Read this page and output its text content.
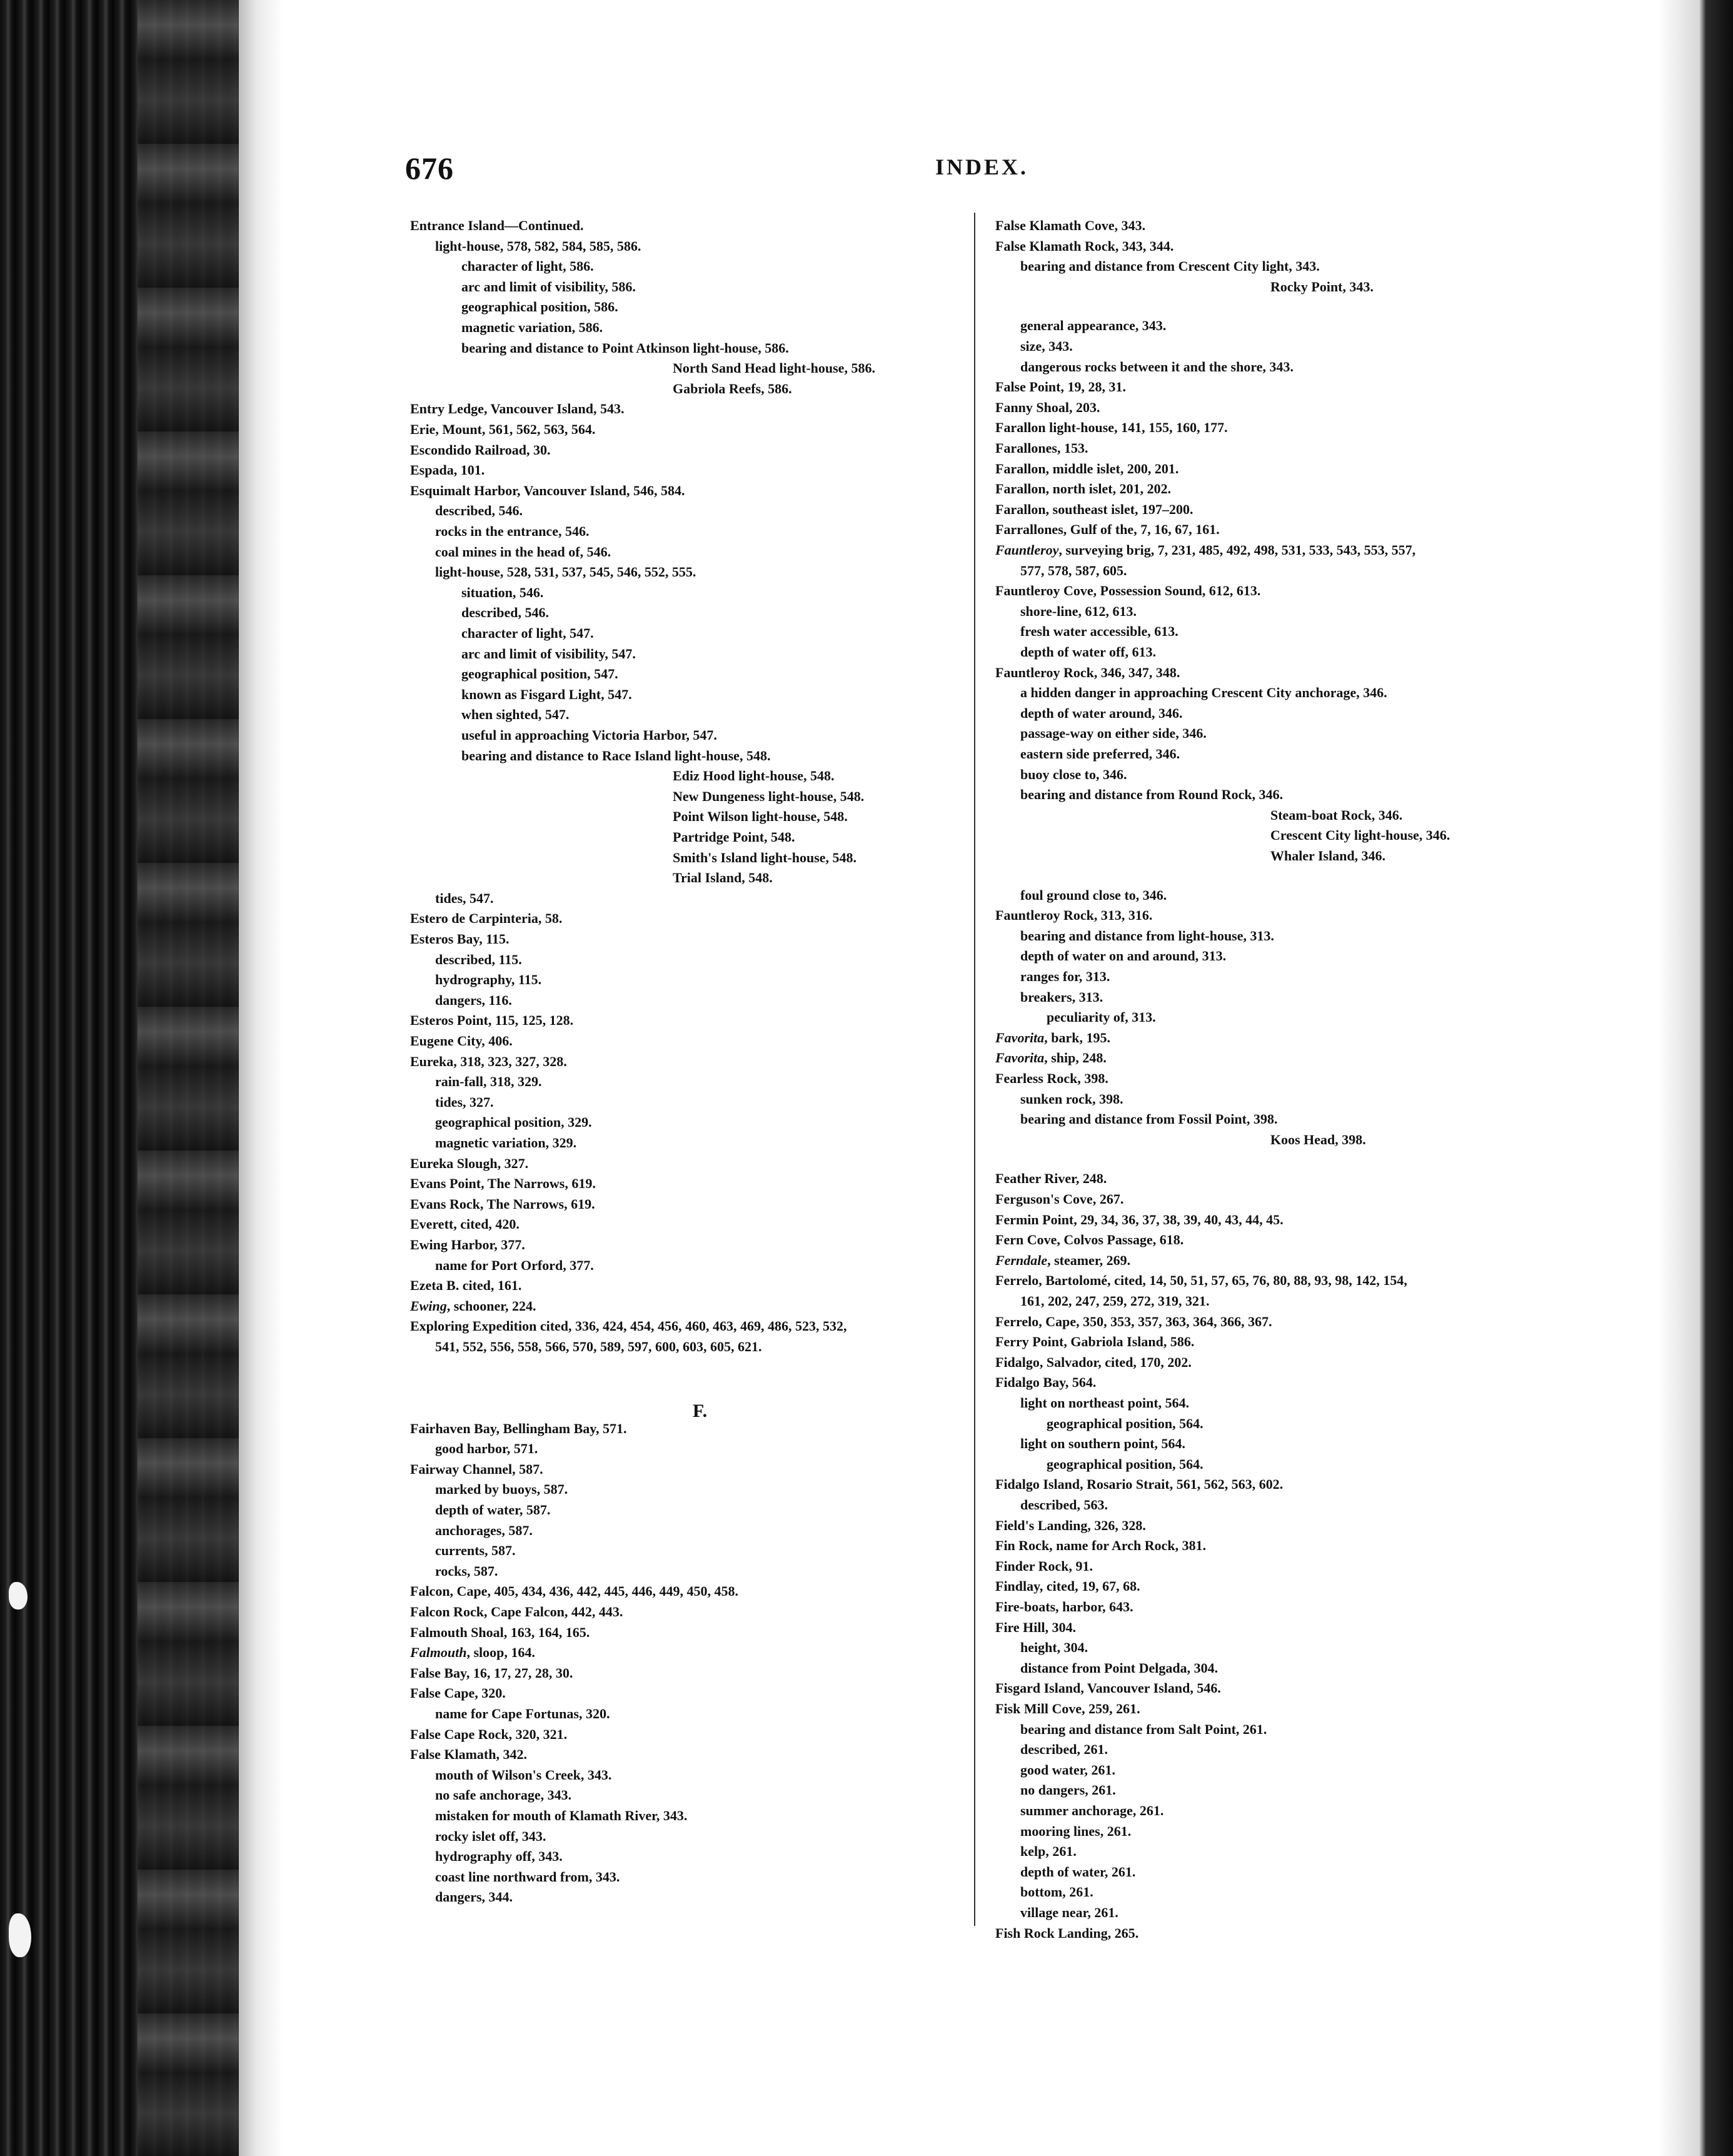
676	INDEX.
F.
Entrance Island—Continued.
light-house, 578, 582, 584, 585, 586.
character of light, 586.
arc and limit of visibility, 586.
geographical position, 586.
magnetic variation, 586.
bearing and distance to Point Atkinson light-house, 586.
North Sand Head light-house, 586.
Gabriola Reefs, 586.
Entry Ledge, Vancouver Island, 543.
Erie, Mount, 561, 562, 563, 564.
Escondido Railroad, 30.
Espada, 101.
Esquimalt Harbor, Vancouver Island, 546, 584.
described, 546.
rocks in the entrance, 546.
coal mines in the head of, 546.
light-house, 528, 531, 537, 545, 546, 552, 555.
situation, 546.
described, 546.
character of light, 547.
arc and limit of visibility, 547.
geographical position, 547.
known as Fisgard Light, 547.
when sighted, 547.
useful in approaching Victoria Harbor, 547.
bearing and distance to Race Island light-house, 548.
Ediz Hood light-house, 548.
New Dungeness light-house, 548.
Point Wilson light-house, 548.
Partridge Point, 548.
Smith's Island light-house, 548.
Trial Island, 548.
tides, 547.
Estero de Carpinteria, 58.
Esteros Bay, 115.
described, 115.
hydrography, 115.
dangers, 116.
Esteros Point, 115, 125, 128.
Eugene City, 406.
Eureka, 318, 323, 327, 328.
rain-fall, 318, 329.
tides, 327.
geographical position, 329.
magnetic variation, 329.
Eureka Slough, 327.
Evans Point, The Narrows, 619.
Evans Rock, The Narrows, 619.
Everett, cited, 420.
Ewing Harbor, 377.
name for Port Orford, 377.
Ezeta B. cited, 161.
Ewing, schooner, 224.
Exploring Expedition cited, 336, 424, 454, 456, 460, 463, 469, 486, 523, 532,
541, 552, 556, 558, 566, 570, 589, 597, 600, 603, 605, 621.
Fairhaven Bay, Bellingham Bay, 571.
good harbor, 571.
Fairway Channel, 587.
marked by buoys, 587.
depth of water, 587.
anchorages, 587.
currents, 587.
rocks, 587.
Falcon, Cape, 405, 434, 436, 442, 445, 446, 449, 450, 458.
Falcon Rock, Cape Falcon, 442, 443.
Falmouth Shoal, 163, 164, 165.
Falmouth, sloop, 164.
False Bay, 16, 17, 27, 28, 30.
False Cape, 320.
name for Cape Fortunas, 320.
False Cape Rock, 320, 321.
False Klamath, 342.
mouth of Wilson's Creek, 343.
no safe anchorage, 343.
mistaken for mouth of Klamath River, 343.
rocky islet off, 343.
hydrography off, 343.
coast line northward from, 343.
dangers, 344.
False Klamath Cove, 343.
False Klamath Rock, 343, 344.
bearing and distance from Crescent City light, 343.
Rocky Point, 343.
general appearance, 343.
size, 343.
dangerous rocks between it and the shore, 343.
False Point, 19, 28, 31.
Fanny Shoal, 203.
Farallon light-house, 141, 155, 160, 177.
Farallones, 153.
Farallon, middle islet, 200, 201.
Farallon, north islet, 201, 202.
Farallon, southeast islet, 197–200.
Farrallones, Gulf of the, 7, 16, 67, 161.
Fauntleroy, surveying brig, 7, 231, 485, 492, 498, 531, 533, 543, 553, 557,
577, 578, 587, 605.
Fauntleroy Cove, Possession Sound, 612, 613.
shore-line, 612, 613.
fresh water accessible, 613.
depth of water off, 613.
Fauntleroy Rock, 346, 347, 348.
a hidden danger in approaching Crescent City anchorage, 346.
depth of water around, 346.
passage-way on either side, 346.
eastern side preferred, 346.
buoy close to, 346.
bearing and distance from Round Rock, 346.
Steam-boat Rock, 346.
Crescent City light-house, 346.
Whaler Island, 346.
foul ground close to, 346.
Fauntleroy Rock, 313, 316.
bearing and distance from light-house, 313.
depth of water on and around, 313.
ranges for, 313.
breakers, 313.
peculiarity of, 313.
Favorita, bark, 195.
Favorita, ship, 248.
Fearless Rock, 398.
sunken rock, 398.
bearing and distance from Fossil Point, 398.
Koos Head, 398.
Feather River, 248.
Ferguson's Cove, 267.
Fermin Point, 29, 34, 36, 37, 38, 39, 40, 43, 44, 45.
Fern Cove, Colvos Passage, 618.
Ferndale, steamer, 269.
Ferrelo, Bartolomé, cited, 14, 50, 51, 57, 65, 76, 80, 88, 93, 98, 142, 154,
161, 202, 247, 259, 272, 319, 321.
Ferrelo, Cape, 350, 353, 357, 363, 364, 366, 367.
Ferry Point, Gabriola Island, 586.
Fidalgo, Salvador, cited, 170, 202.
Fidalgo Bay, 564.
light on northeast point, 564.
geographical position, 564.
light on southern point, 564.
geographical position, 564.
Fidalgo Island, Rosario Strait, 561, 562, 563, 602.
described, 563.
Field's Landing, 326, 328.
Fin Rock, name for Arch Rock, 381.
Finder Rock, 91.
Findlay, cited, 19, 67, 68.
Fire-boats, harbor, 643.
Fire Hill, 304.
height, 304.
distance from Point Delgada, 304.
Fisgard Island, Vancouver Island, 546.
Fisk Mill Cove, 259, 261.
bearing and distance from Salt Point, 261.
described, 261.
good water, 261.
no dangers, 261.
summer anchorage, 261.
mooring lines, 261.
kelp, 261.
depth of water, 261.
bottom, 261.
village near, 261.
Fish Rock Landing, 265.
